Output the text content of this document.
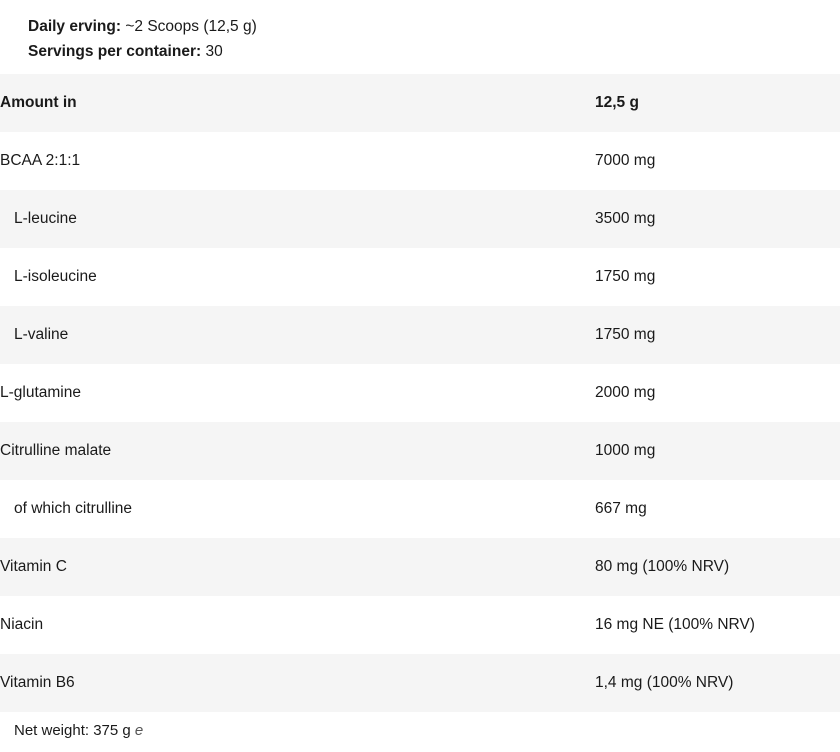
Daily erving: ~2 Scoops (12,5 g)
Servings per container: 30
Amount in	12,5 g
BCAA 2:1:1	7000 mg
L-leucine	3500 mg
L-isoleucine	1750 mg
L-valine	1750 mg
L-glutamine	2000 mg
Citrulline malate	1000 mg
of which citrulline	667 mg
Vitamin C	80 mg (100% NRV)
Niacin	16 mg NE (100% NRV)
Vitamin B6	1,4 mg (100% NRV)
Net weight: 375 g e
